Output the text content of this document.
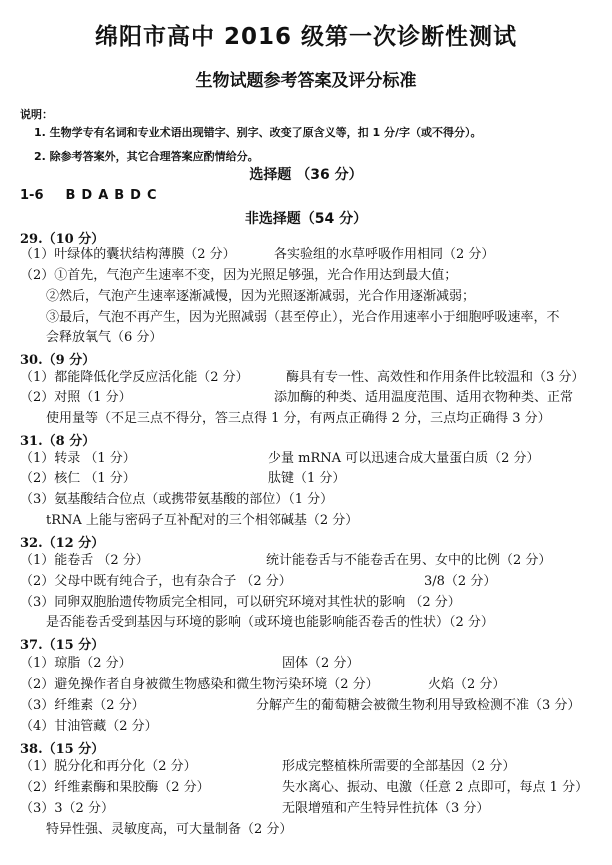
绵阳市高中 2016 级第一次诊断性测试
生物试题参考答案及评分标准
说明：
1. 生物学专有名词和专业术语出现错字、别字、改变了原含义等，扣 1 分/字（或不得分）。
2. 除参考答案外，其它合理答案应酌情给分。
选择题 （36 分）
1-6 BDABDC
非选择题（54 分）
29.（10 分）
（1）叶绿体的囊状结构薄膜（2 分）	各实验组的水草呼吸作用相同（2 分）
（2）①首先，气泡产生速率不变，因为光照足够强，光合作用达到最大值；
②然后，气泡产生速率逐渐减慢，因为光照逐渐减弱，光合作用逐渐减弱；
③最后，气泡不再产生，因为光照减弱（甚至停止），光合作用速率小于细胞呼吸速率，不
会释放氧气（6 分）
30.（9 分）
（1）都能降低化学反应活化能（2 分）	酶具有专一性、高效性和作用条件比较温和（3 分）
（2）对照（1 分）	添加酶的种类、适用温度范围、适用衣物种类、正常
使用量等（不足三点不得分，答三点得 1 分，有两点正确得 2 分，三点均正确得 3 分）
31.（8 分）
（1）转录 （1 分）	少量 mRNA 可以迅速合成大量蛋白质（2 分）
（2）核仁 （1 分）	肽键（1 分）
（3）氨基酸结合位点（或携带氨基酸的部位）（1 分）
tRNA 上能与密码子互补配对的三个相邻碱基（2 分）
32.（12 分）
（1）能卷舌 （2 分）	统计能卷舌与不能卷舌在男、女中的比例（2 分）
（2）父母中既有纯合子，也有杂合子 （2 分）	3/8（2 分）
（3）同卵双胞胎遗传物质完全相同，可以研究环境对其性状的影响 （2 分）
是否能卷舌受到基因与环境的影响（或环境也能影响能否卷舌的性状）（2 分）
37.（15 分）
（1）琼脂（2 分）	固体（2 分）
（2）避免操作者自身被微生物感染和微生物污染环境（2 分）	火焰（2 分）
（3）纤维素（2 分）	分解产生的葡萄糖会被微生物利用导致检测不准（3 分）
（4）甘油管藏（2 分）
38.（15 分）
（1）脱分化和再分化（2 分）	形成完整植株所需要的全部基因（2 分）
（2）纤维素酶和果胶酶（2 分）	失水离心、振动、电激（任意 2 点即可，每点 1 分）
（3）3（2 分）	无限增殖和产生特异性抗体（3 分）
特异性强、灵敏度高，可大量制备（2 分）
